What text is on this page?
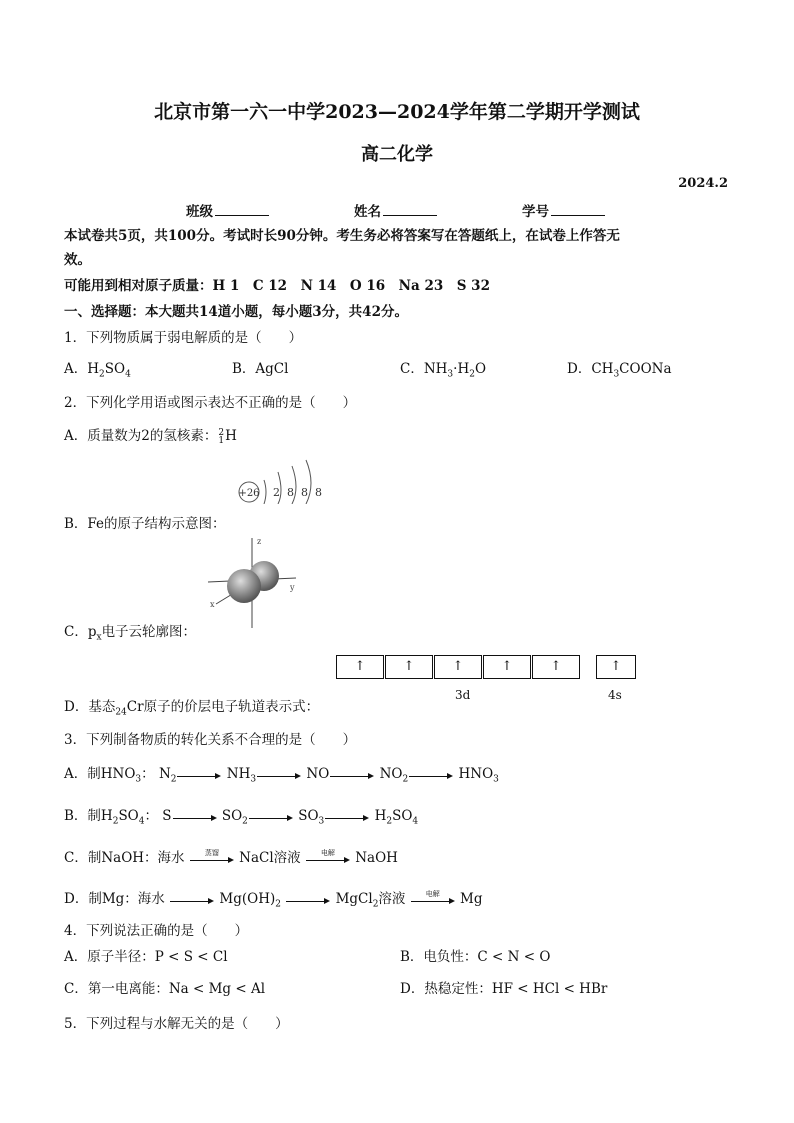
北京市第一六一中学2023—2024学年第二学期开学测试
高二化学
2024.2
班级	姓名	学号
本试卷共5页，共100分。考试时长90分钟。考生务必将答案写在答题纸上，在试卷上作答无
效。
可能用到相对原子质量：H 1　C 12　N 14　O 16　Na 23　S 32
一、选择题：本大题共14道小题，每小题3分，共42分。
1．下列物质属于弱电解质的是（　　）
A．$H_2SO_4$	B．AgCl	C．$NH_3\cdot H_2O$	D．$CH_3COONa$
2．下列化学用语或图示表达不正确的是（　　）
A．质量数为2的氢核素：2
1H
+26 2 8 8 8
B．Fe的原子结构示意图：
z
y
x
C．$p_x$电子云轮廓图：
↑	↑	↑	↑	↑	↑
3d	4s
D．基态$_{24}$Cr原子的价层电子轨道表示式：
3．下列制备物质的转化关系不合理的是（　　）
A．制$HNO_3$： $N_2$	$NH_3$	NO	$NO_2$	$HNO_3$
B．制$H_2SO_4$： S	$SO_2$	$SO_3$	$H_2SO_4$
C．制NaOH：海水	蒸馏	NaCl溶液	电解	NaOH
D．制Mg：海水	$Mg(OH)_2$	MgCl$_2$溶液	电解	Mg
4．下列说法正确的是（　　）
A．原子半径：P < S < Cl	B．电负性：C < N < O
C．第一电离能：Na < Mg < Al	D．热稳定性：HF < HCl < HBr
5．下列过程与水解无关的是（　　）
